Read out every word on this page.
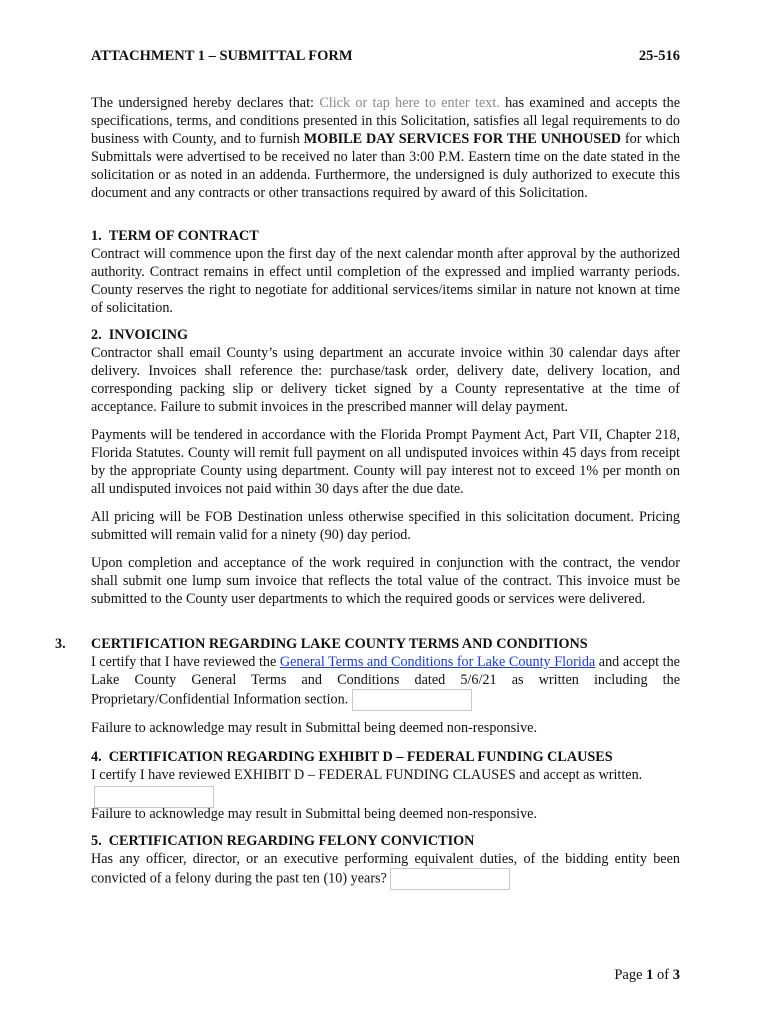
ATTACHMENT 1 – SUBMITTAL FORM	25-516

The undersigned hereby declares that: Click or tap here to enter text. has examined and accepts the specifications, terms, and conditions presented in this Solicitation, satisfies all legal requirements to do business with County, and to furnish MOBILE DAY SERVICES FOR THE UNHOUSED for which Submittals were advertised to be received no later than 3:00 P.M. Eastern time on the date stated in the solicitation or as noted in an addenda. Furthermore, the undersigned is duly authorized to execute this document and any contracts or other transactions required by award of this Solicitation.

1.  TERM OF CONTRACT

Contract will commence upon the first day of the next calendar month after approval by the authorized authority. Contract remains in effect until completion of the expressed and implied warranty periods. County reserves the right to negotiate for additional services/items similar in nature not known at time of solicitation.

2.  INVOICING

Contractor shall email County’s using department an accurate invoice within 30 calendar days after delivery. Invoices shall reference the: purchase/task order, delivery date, delivery location, and corresponding packing slip or delivery ticket signed by a County representative at the time of acceptance. Failure to submit invoices in the prescribed manner will delay payment.

Payments will be tendered in accordance with the Florida Prompt Payment Act, Part VII, Chapter 218, Florida Statutes. County will remit full payment on all undisputed invoices within 45 days from receipt by the appropriate County using department. County will pay interest not to exceed 1% per month on all undisputed invoices not paid within 30 days after the due date.

All pricing will be FOB Destination unless otherwise specified in this solicitation document. Pricing submitted will remain valid for a ninety (90) day period.

Upon completion and acceptance of the work required in conjunction with the contract, the vendor shall submit one lump sum invoice that reflects the total value of the contract. This invoice must be submitted to the County user departments to which the required goods or services were delivered.

3. CERTIFICATION REGARDING LAKE COUNTY TERMS AND CONDITIONS

I certify that I have reviewed the General Terms and Conditions for Lake County Florida and accept the Lake County General Terms and Conditions dated 5/6/21 as written including the Proprietary/Confidential Information section.

Failure to acknowledge may result in Submittal being deemed non-responsive.

4.  CERTIFICATION REGARDING EXHIBIT D – FEDERAL FUNDING CLAUSES

I certify I have reviewed EXHIBIT D – FEDERAL FUNDING CLAUSES and accept as written.

Failure to acknowledge may result in Submittal being deemed non-responsive.

5.  CERTIFICATION REGARDING FELONY CONVICTION

Has any officer, director, or an executive performing equivalent duties, of the bidding entity been convicted of a felony during the past ten (10) years?

Page 1 of 3
